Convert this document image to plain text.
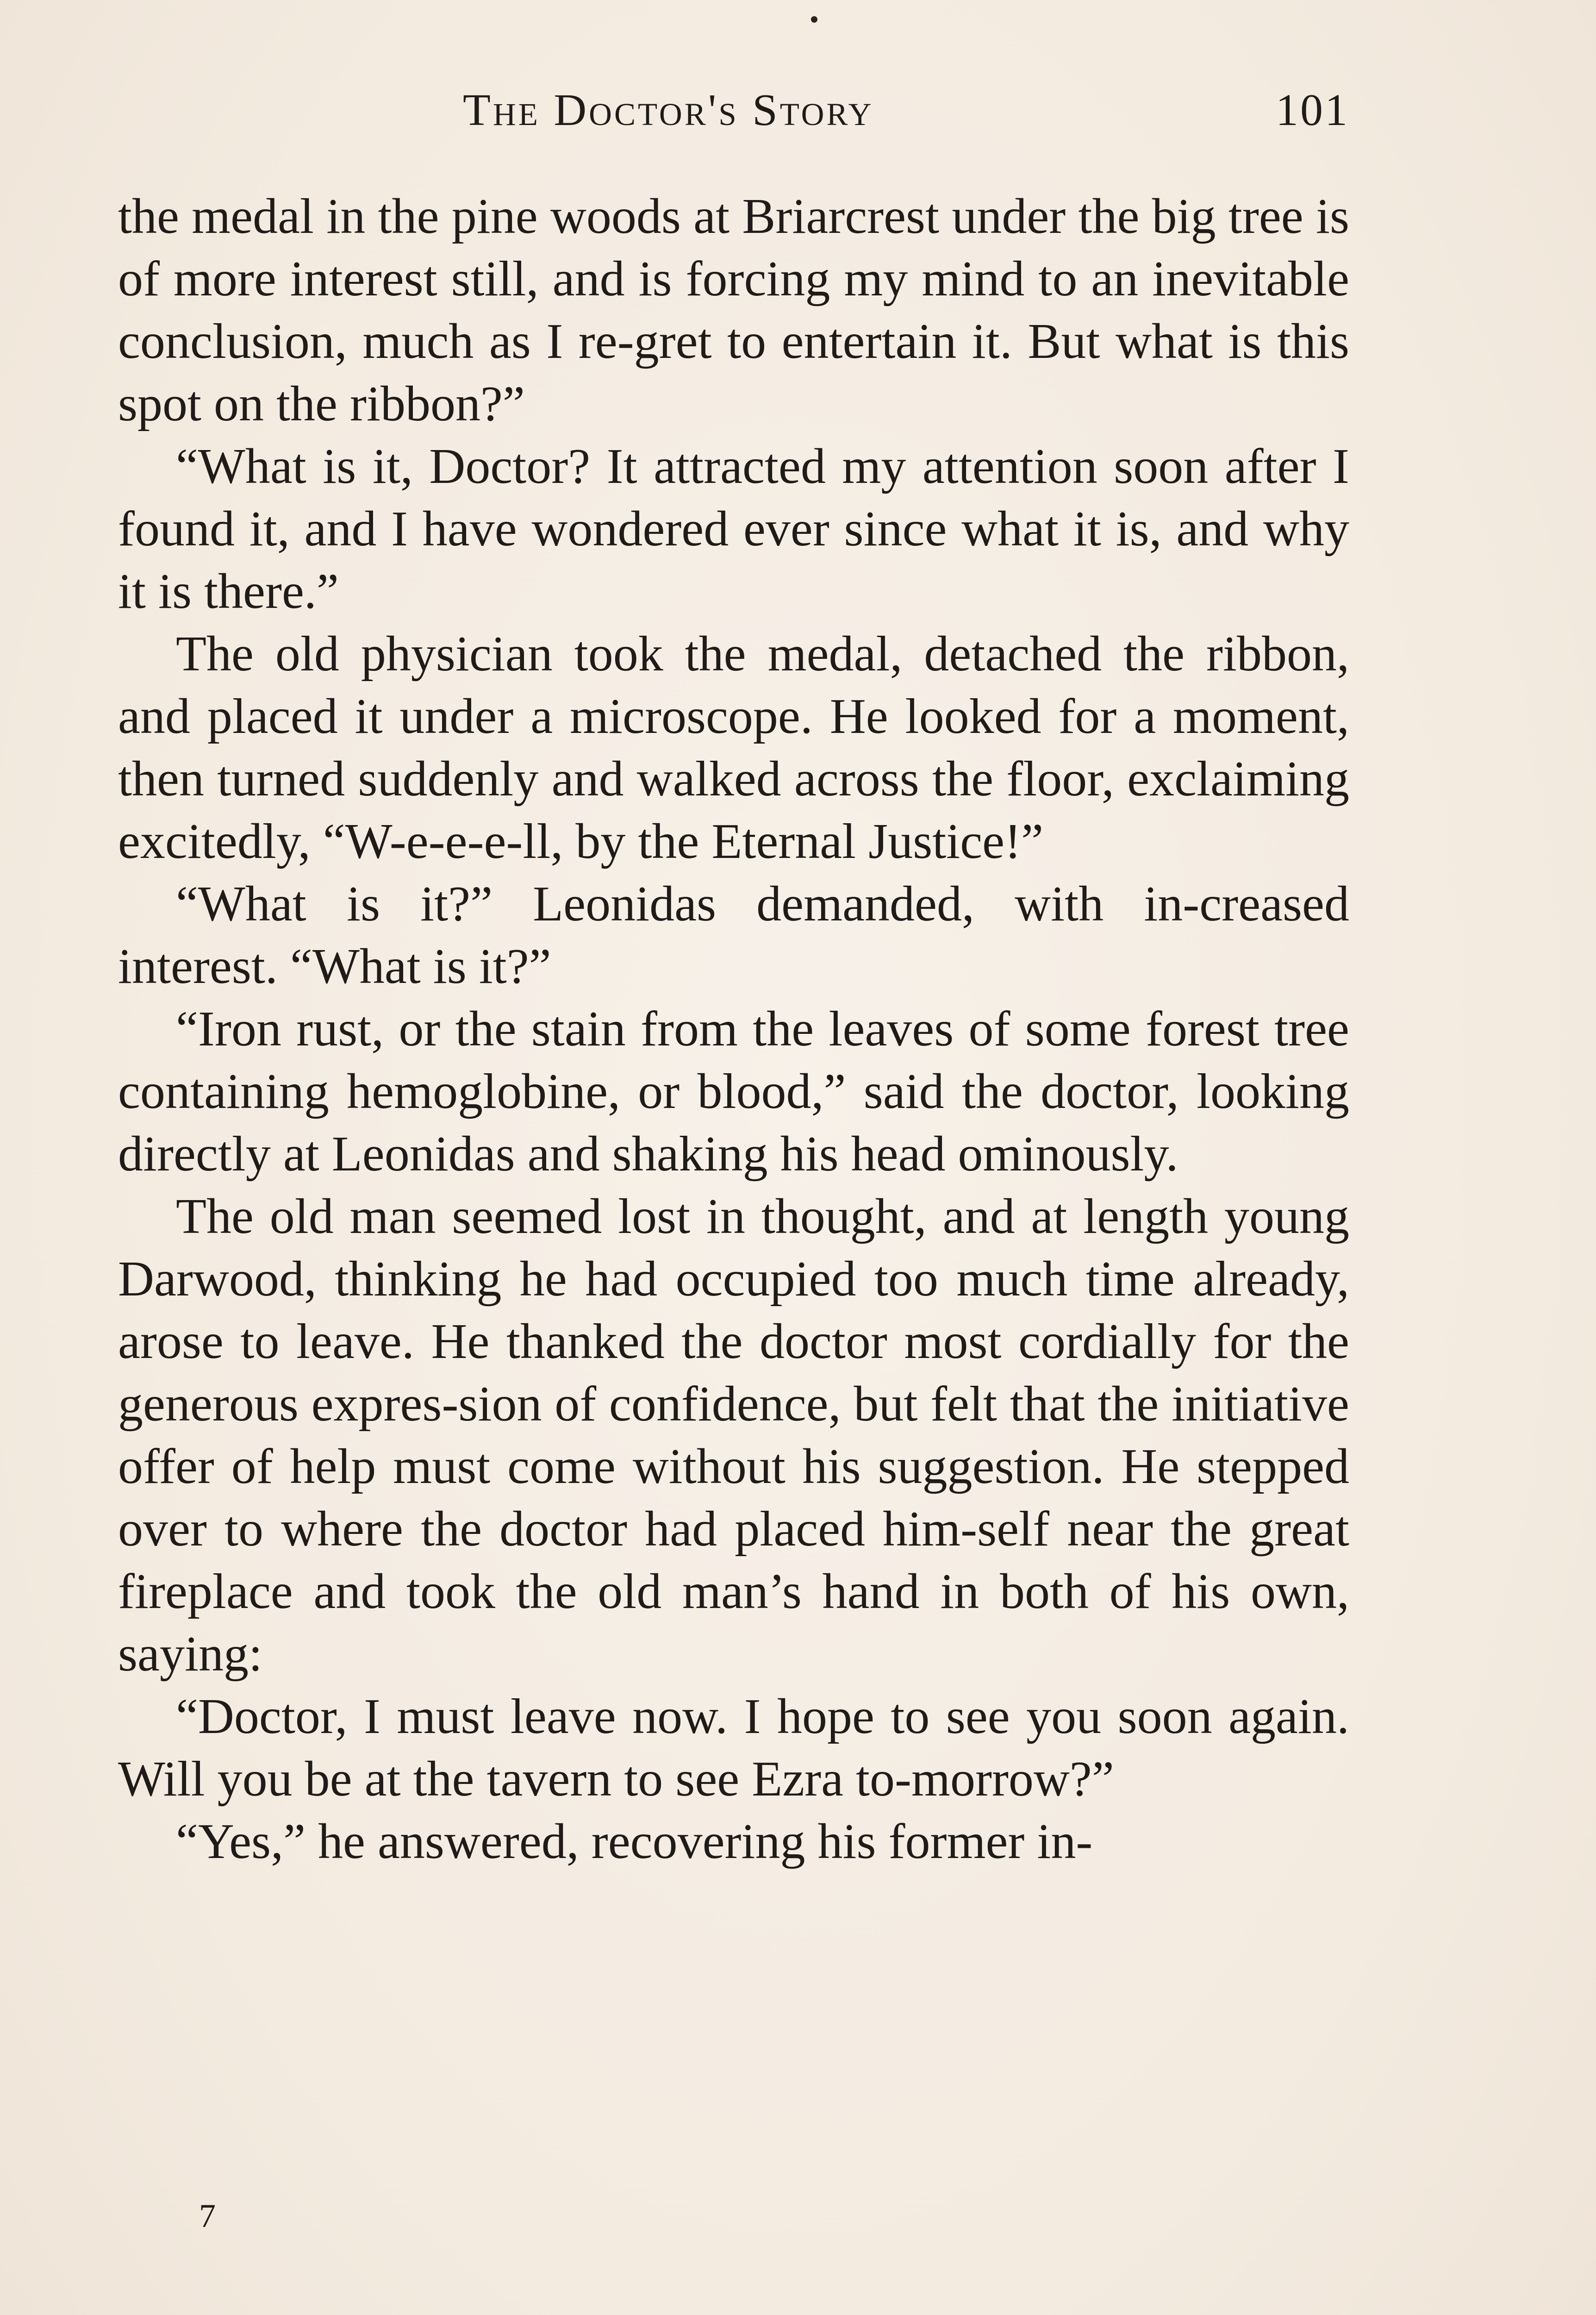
The Doctor's Story	101

the medal in the pine woods at Briarcrest under the big tree is of more interest still, and is forcing my mind to an inevitable conclusion, much as I re-gret to entertain it. But what is this spot on the ribbon?”

“What is it, Doctor? It attracted my attention soon after I found it, and I have wondered ever since what it is, and why it is there.”

The old physician took the medal, detached the ribbon, and placed it under a microscope. He looked for a moment, then turned suddenly and walked across the floor, exclaiming excitedly, “W-e-e-e-ll, by the Eternal Justice!”

“What is it?” Leonidas demanded, with in-creased interest. “What is it?”

“Iron rust, or the stain from the leaves of some forest tree containing hemoglobine, or blood,” said the doctor, looking directly at Leonidas and shaking his head ominously.

The old man seemed lost in thought, and at length young Darwood, thinking he had occupied too much time already, arose to leave. He thanked the doctor most cordially for the generous expres-sion of confidence, but felt that the initiative offer of help must come without his suggestion. He stepped over to where the doctor had placed him-self near the great fireplace and took the old man’s hand in both of his own, saying:

“Doctor, I must leave now. I hope to see you soon again. Will you be at the tavern to see Ezra to-morrow?”

“Yes,” he answered, recovering his former in-

7
